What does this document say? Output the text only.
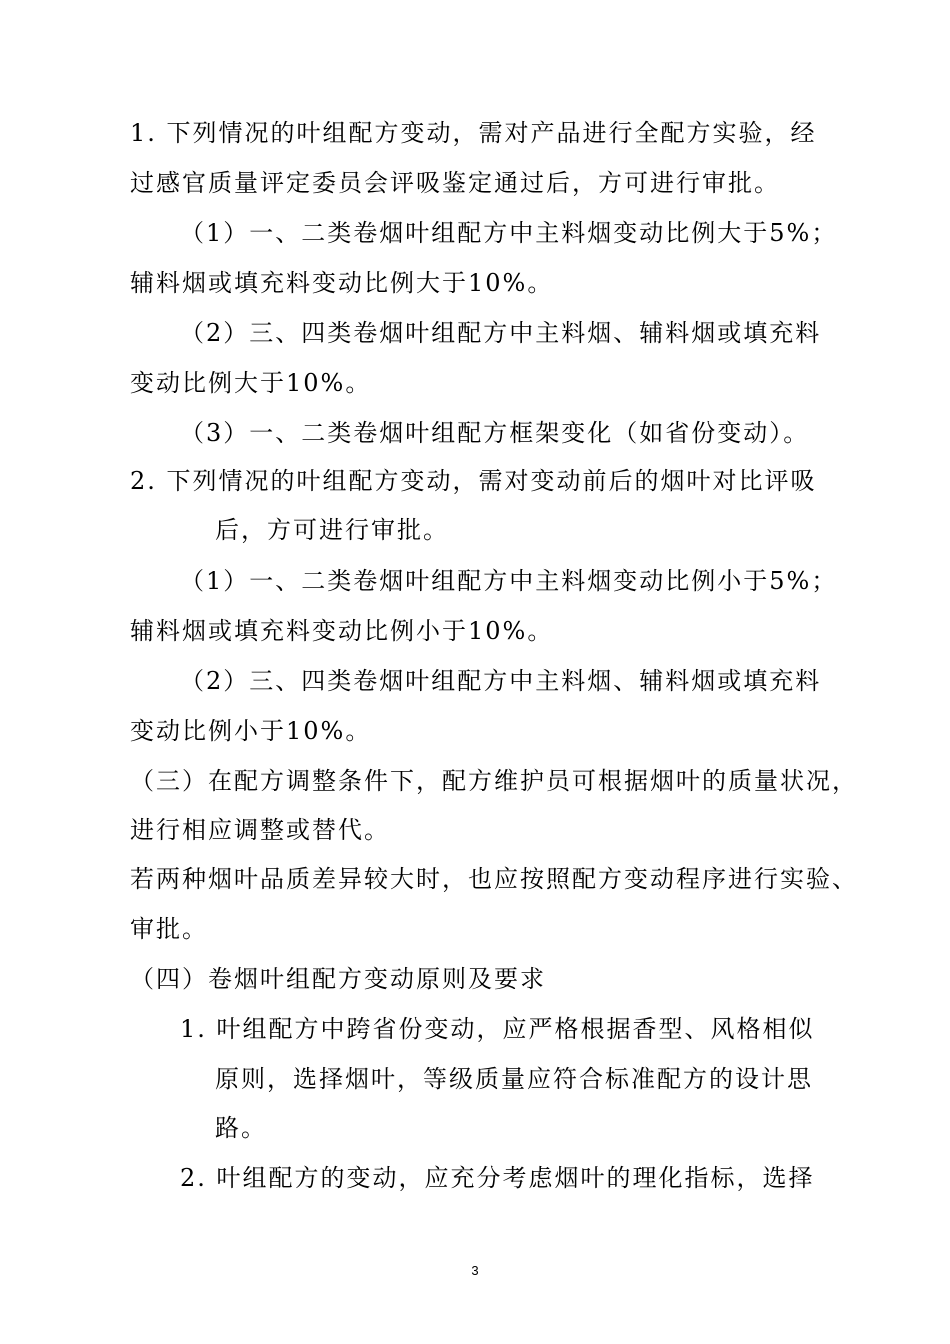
1. 下列情况的叶组配方变动，需对产品进行全配方实验，经
过感官质量评定委员会评吸鉴定通过后，方可进行审批。
（1）一、二类卷烟叶组配方中主料烟变动比例大于5%；
辅料烟或填充料变动比例大于10%。
（2）三、四类卷烟叶组配方中主料烟、辅料烟或填充料
变动比例大于10%。
（3）一、二类卷烟叶组配方框架变化（如省份变动）。
2. 下列情况的叶组配方变动，需对变动前后的烟叶对比评吸
后，方可进行审批。
（1）一、二类卷烟叶组配方中主料烟变动比例小于5%；
辅料烟或填充料变动比例小于10%。
（2）三、四类卷烟叶组配方中主料烟、辅料烟或填充料
变动比例小于10%。
（三）在配方调整条件下，配方维护员可根据烟叶的质量状况，
进行相应调整或替代。
若两种烟叶品质差异较大时，也应按照配方变动程序进行实验、
审批。
（四）卷烟叶组配方变动原则及要求
1. 叶组配方中跨省份变动，应严格根据香型、风格相似
原则，选择烟叶，等级质量应符合标准配方的设计思
路。
2. 叶组配方的变动，应充分考虑烟叶的理化指标，选择
3
